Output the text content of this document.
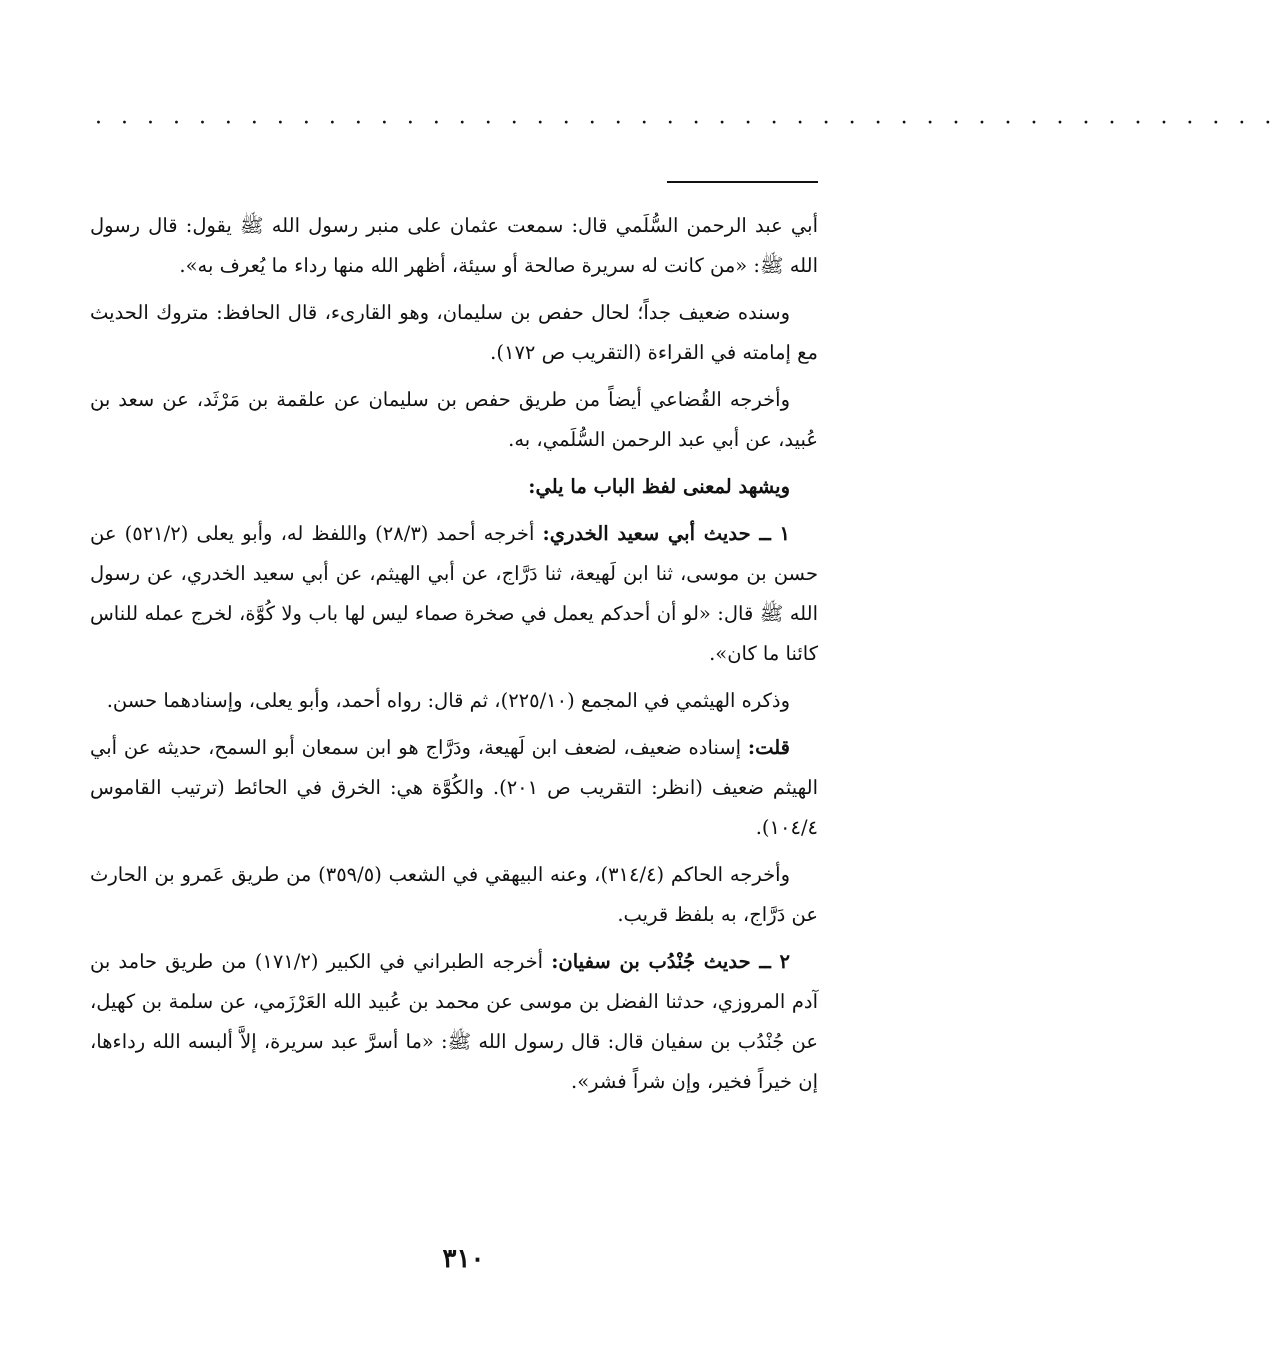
· · · · · · · · · · · · · · · · · · · · · · · · · · · · · · · · · · · · · · · · · · · · · ·

أبي عبد الرحمن السُّلَمي قال: سمعت عثمان على منبر رسول الله ﷺ يقول: قال رسول الله ﷺ: «من كانت له سريرة صالحة أو سيئة، أظهر الله منها رداء ما يُعرف به».

وسنده ضعيف جداً؛ لحال حفص بن سليمان، وهو القارىء، قال الحافظ: متروك الحديث مع إمامته في القراءة (التقريب ص ١٧٢).

وأخرجه القُضاعي أيضاً من طريق حفص بن سليمان عن علقمة بن مَرْثَد، عن سعد بن عُبيد، عن أبي عبد الرحمن السُّلَمي، به.

ويشهد لمعنى لفظ الباب ما يلي:

١ ــ حديث أبي سعيد الخدري: أخرجه أحمد (٢٨/٣) واللفظ له، وأبو يعلى (٥٢١/٢) عن حسن بن موسى، ثنا ابن لَهيعة، ثنا دَرَّاج، عن أبي الهيثم، عن أبي سعيد الخدري، عن رسول الله ﷺ قال: «لو أن أحدكم يعمل في صخرة صماء ليس لها باب ولا كُوَّة، لخرج عمله للناس كائنا ما كان».

وذكره الهيثمي في المجمع (٢٢٥/١٠)، ثم قال: رواه أحمد، وأبو يعلى، وإسنادهما حسن.

قلت: إسناده ضعيف، لضعف ابن لَهيعة، ودَرَّاج هو ابن سمعان أبو السمح، حديثه عن أبي الهيثم ضعيف (انظر: التقريب ص ٢٠١). والكُوَّة هي: الخرق في الحائط (ترتيب القاموس ١٠٤/٤).

وأخرجه الحاكم (٣١٤/٤)، وعنه البيهقي في الشعب (٣٥٩/٥) من طريق عَمرو بن الحارث عن دَرَّاج، به بلفظ قريب.

٢ ــ حديث جُنْدُب بن سفيان: أخرجه الطبراني في الكبير (١٧١/٢) من طريق حامد بن آدم المروزي، حدثنا الفضل بن موسى عن محمد بن عُبيد الله العَرْزَمي، عن سلمة بن كهيل، عن جُنْدُب بن سفيان قال: قال رسول الله ﷺ: «ما أسرَّ عبد سريرة، إلاَّ ألبسه الله رداءها، إن خيراً فخير، وإن شراً فشر».

٣١٠
